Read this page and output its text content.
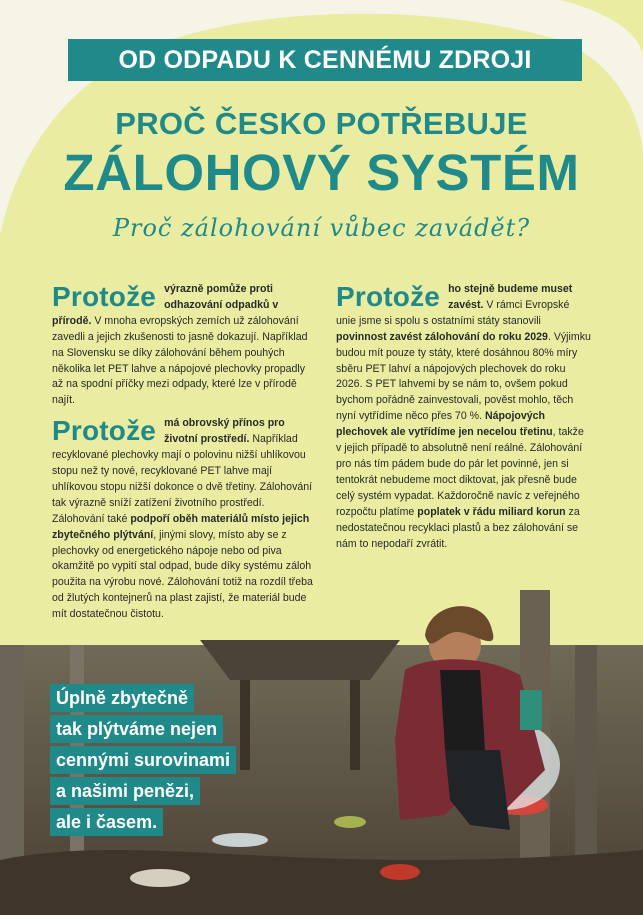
OD ODPADU K CENNÉMU ZDROJI
PROČ ČESKO POTŘEBUJE
ZÁLOHOVÝ SYSTÉM
Proč zálohování vůbec zavádět?

Protože výrazně pomůže proti odhazování odpadků v přírodě. V mnoha evropských zemích už zálohování zavedli a jejich zkušenosti to jasně dokazují. Například na Slovensku se díky zálohování během pouhých několika let PET lahve a nápojové plechovky propadly až na spodní příčky mezi odpady, které lze v přírodě najít.

Protože má obrovský přínos pro životní prostředí. Například recyklované plechovky mají o polovinu nižší uhlíkovou stopu než ty nové, recyklované PET lahve mají uhlíkovou stopu nižší dokonce o dvě třetiny. Zálohování tak výrazně sníží zatížení životního prostředí. Zálohování také podpoří oběh materiálů místo jejich zbytečného plýtvání, jinými slovy, místo aby se z plechovky od energetického nápoje nebo od piva okamžitě po vypití stal odpad, bude díky systému záloh použita na výrobu nové. Zálohování totiž na rozdíl třeba od žlutých kontejnerů na plast zajistí, že materiál bude mít dostatečnou čistotu.

Protože ho stejně budeme muset zavést. V rámci Evropské unie jsme si spolu s ostatními státy stanovili povinnost zavést zálohování do roku 2029. Výjimku budou mít pouze ty státy, které dosáhnou 80% míry sběru PET lahví a nápojových plechovek do roku 2026. S PET lahvemi by se nám to, ovšem pokud bychom pořádně zainvestovali, pověst mohlo, těch nyní vytřídíme něco přes 70 %. Nápojových plechovek ale vytřídíme jen necelou třetinu, takže v jejich případě to absolutně není reálné. Zálohování pro nás tím pádem bude do pár let povinné, jen si tentokrát nebudeme moct diktovat, jak přesně bude celý systém vypadat. Každoročně navíc z veřejného rozpočtu platíme poplatek v řádu miliard korun za nedostatečnou recyklaci plastů a bez zálohování se nám to nepodaří zvrátit.

Úplně zbytečně
tak plýtváme nejen
cennými surovinami
a našimi penězi,
ale i časem.
